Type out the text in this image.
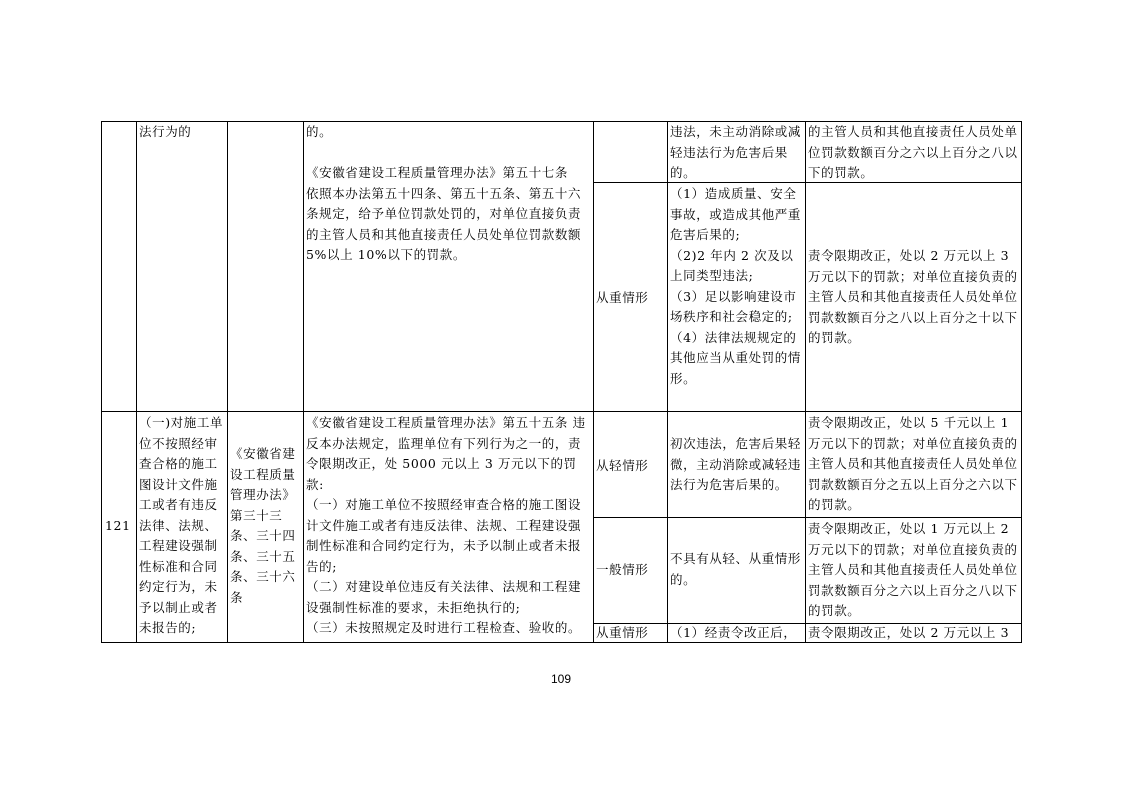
法行为的	的。

《安徽省建设工程质量管理办法》第五十七条
依照本办法第五十四条、第五十五条、第五十六条规定，给予单位罚款处罚的，对单位直接负责的主管人员和其他直接责任人员处单位罚款数额 5%以上 10%以下的罚款。
违法，未主动消除或减轻违法行为危害后果的。
的主管人员和其他直接责任人员处单位罚款数额百分之六以上百分之八以下的罚款。
从重情形
（1）造成质量、安全事故，或造成其他严重危害后果的;
（2)2 年内 2 次及以上同类型违法;
（3）足以影响建设市场秩序和社会稳定的;
（4）法律法规规定的其他应当从重处罚的情形。
责令限期改正，处以 2 万元以上 3 万元以下的罚款；对单位直接负责的主管人员和其他直接责任人员处单位罚款数额百分之八以上百分之十以下的罚款。
121
（一)对施工单位不按照经审查合格的施工图设计文件施工或者有违反法律、法规、工程建设强制性标准和合同约定行为，未予以制止或者未报告的;
《安徽省建设工程质量管理办法》第三十三条、三十四条、三十五条、三十六条
《安徽省建设工程质量管理办法》第五十五条 违反本办法规定，监理单位有下列行为之一的，责令限期改正，处 5000 元以上 3 万元以下的罚款:
（一）对施工单位不按照经审查合格的施工图设计文件施工或者有违反法律、法规、工程建设强制性标准和合同约定行为，未予以制止或者未报告的;
（二）对建设单位违反有关法律、法规和工程建设强制性标准的要求，未拒绝执行的;
（三）未按照规定及时进行工程检查、验收的。
从轻情形
初次违法，危害后果轻微，主动消除或减轻违法行为危害后果的。
责令限期改正，处以 5 千元以上 1 万元以下的罚款；对单位直接负责的主管人员和其他直接责任人员处单位罚款数额百分之五以上百分之六以下的罚款。
一般情形
不具有从轻、从重情形的。
责令限期改正，处以 1 万元以上 2 万元以下的罚款；对单位直接负责的主管人员和其他直接责任人员处单位罚款数额百分之六以上百分之八以下的罚款。
从重情形	（1）经责令改正后， 责令限期改正，处以 2 万元以上 3
109
